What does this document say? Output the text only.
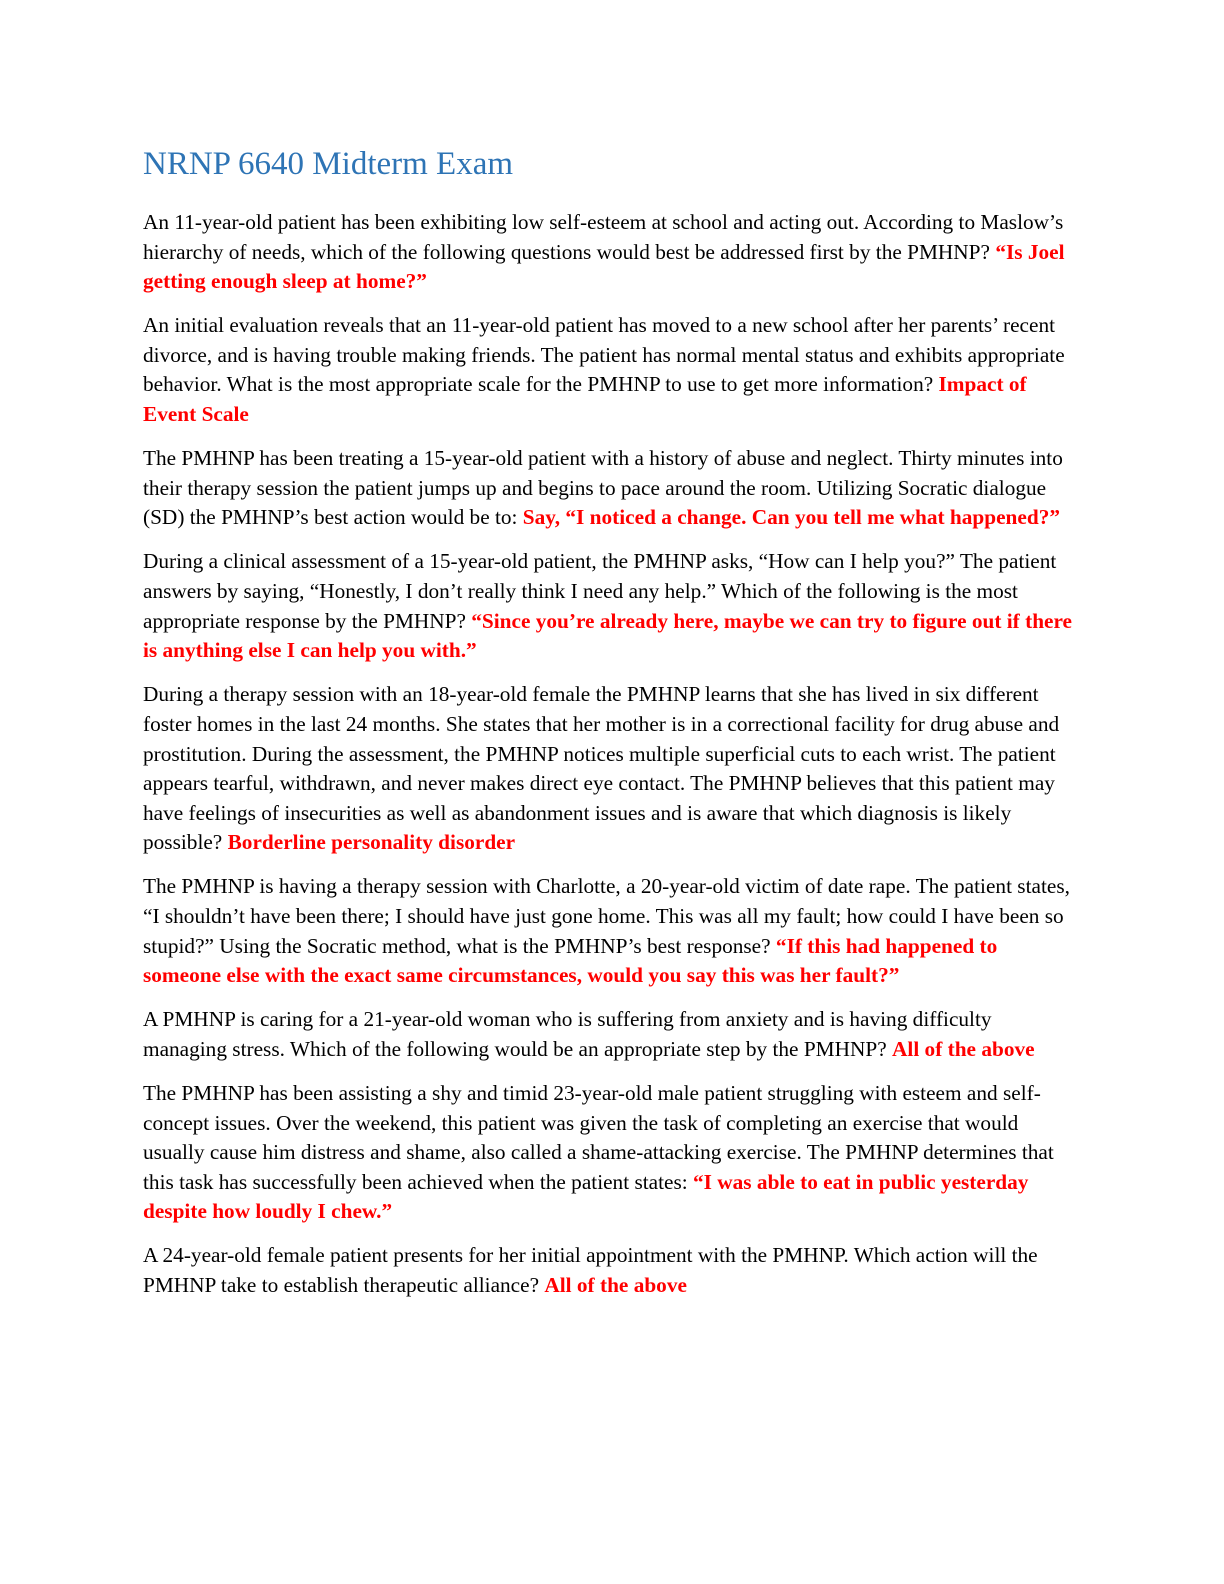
NRNP 6640 Midterm Exam

An 11-year-old patient has been exhibiting low self-esteem at school and acting out. According to Maslow’s hierarchy of needs, which of the following questions would best be addressed first by the PMHNP? “Is Joel getting enough sleep at home?”

An initial evaluation reveals that an 11-year-old patient has moved to a new school after her parents’ recent divorce, and is having trouble making friends. The patient has normal mental status and exhibits appropriate behavior. What is the most appropriate scale for the PMHNP to use to get more information? Impact of Event Scale

The PMHNP has been treating a 15-year-old patient with a history of abuse and neglect. Thirty minutes into their therapy session the patient jumps up and begins to pace around the room. Utilizing Socratic dialogue (SD) the PMHNP’s best action would be to: Say, “I noticed a change. Can you tell me what happened?”

During a clinical assessment of a 15-year-old patient, the PMHNP asks, “How can I help you?” The patient answers by saying, “Honestly, I don’t really think I need any help.” Which of the following is the most appropriate response by the PMHNP? “Since you’re already here, maybe we can try to figure out if there is anything else I can help you with.”

During a therapy session with an 18-year-old female the PMHNP learns that she has lived in six different foster homes in the last 24 months. She states that her mother is in a correctional facility for drug abuse and prostitution. During the assessment, the PMHNP notices multiple superficial cuts to each wrist. The patient appears tearful, withdrawn, and never makes direct eye contact. The PMHNP believes that this patient may have feelings of insecurities as well as abandonment issues and is aware that which diagnosis is likely possible? Borderline personality disorder

The PMHNP is having a therapy session with Charlotte, a 20-year-old victim of date rape. The patient states, “I shouldn’t have been there; I should have just gone home. This was all my fault; how could I have been so stupid?” Using the Socratic method, what is the PMHNP’s best response? “If this had happened to someone else with the exact same circumstances, would you say this was her fault?”

A PMHNP is caring for a 21-year-old woman who is suffering from anxiety and is having difficulty managing stress. Which of the following would be an appropriate step by the PMHNP? All of the above

The PMHNP has been assisting a shy and timid 23-year-old male patient struggling with esteem and self-concept issues. Over the weekend, this patient was given the task of completing an exercise that would usually cause him distress and shame, also called a shame-attacking exercise. The PMHNP determines that this task has successfully been achieved when the patient states: “I was able to eat in public yesterday despite how loudly I chew.”

A 24-year-old female patient presents for her initial appointment with the PMHNP. Which action will the PMHNP take to establish therapeutic alliance? All of the above
